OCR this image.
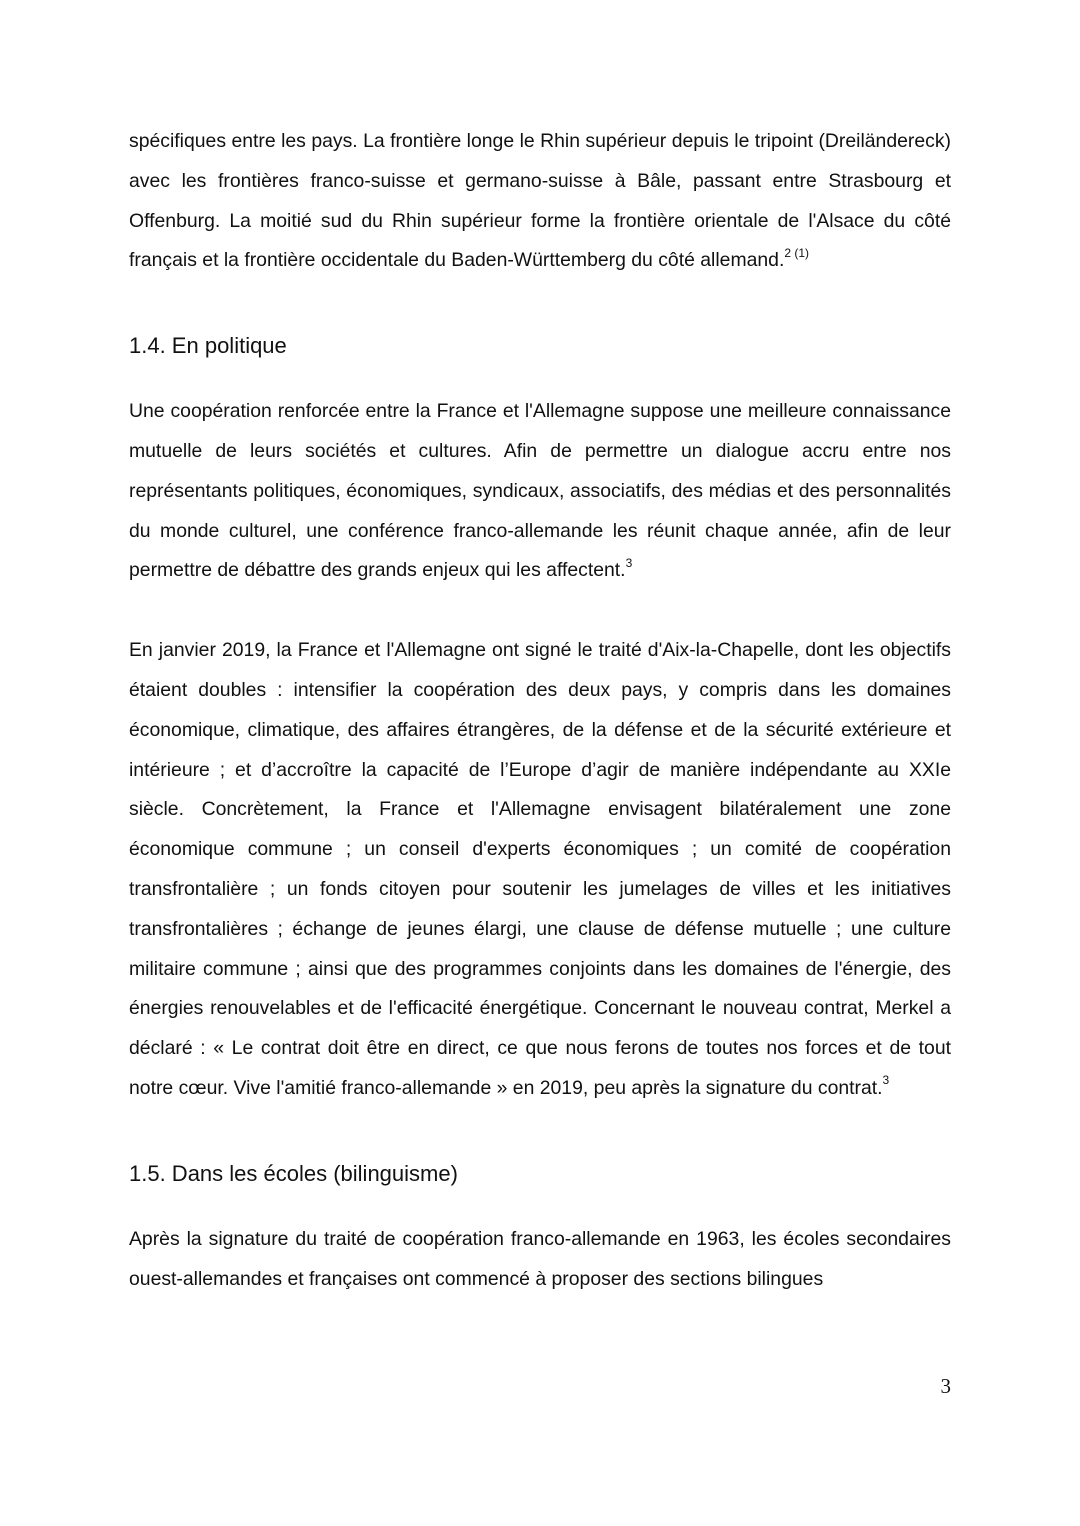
spécifiques entre les pays. La frontière longe le Rhin supérieur depuis le tripoint (Dreiländereck) avec les frontières franco-suisse et germano-suisse à Bâle, passant entre Strasbourg et Offenburg. La moitié sud du Rhin supérieur forme la frontière orientale de l'Alsace du côté français et la frontière occidentale du Baden-Württemberg du côté allemand.$^{2 (1)}$

1.4. En politique

Une coopération renforcée entre la France et l'Allemagne suppose une meilleure connaissance mutuelle de leurs sociétés et cultures. Afin de permettre un dialogue accru entre nos représentants politiques, économiques, syndicaux, associatifs, des médias et des personnalités du monde culturel, une conférence franco-allemande les réunit chaque année, afin de leur permettre de débattre des grands enjeux qui les affectent.$^3$

En janvier 2019, la France et l'Allemagne ont signé le traité d'Aix-la-Chapelle, dont les objectifs étaient doubles : intensifier la coopération des deux pays, y compris dans les domaines économique, climatique, des affaires étrangères, de la défense et de la sécurité extérieure et intérieure ; et d’accroître la capacité de l’Europe d’agir de manière indépendante au XXIe siècle. Concrètement, la France et l'Allemagne envisagent bilatéralement une zone économique commune ; un conseil d'experts économiques ; un comité de coopération transfrontalière ; un fonds citoyen pour soutenir les jumelages de villes et les initiatives transfrontalières ; échange de jeunes élargi, une clause de défense mutuelle ; une culture militaire commune ; ainsi que des programmes conjoints dans les domaines de l'énergie, des énergies renouvelables et de l'efficacité énergétique. Concernant le nouveau contrat, Merkel a déclaré : « Le contrat doit être en direct, ce que nous ferons de toutes nos forces et de tout notre cœur. Vive l'amitié franco-allemande » en 2019, peu après la signature du contrat.$^3$

1.5. Dans les écoles (bilinguisme)

Après la signature du traité de coopération franco-allemande en 1963, les écoles secondaires ouest-allemandes et françaises ont commencé à proposer des sections bilingues

3
